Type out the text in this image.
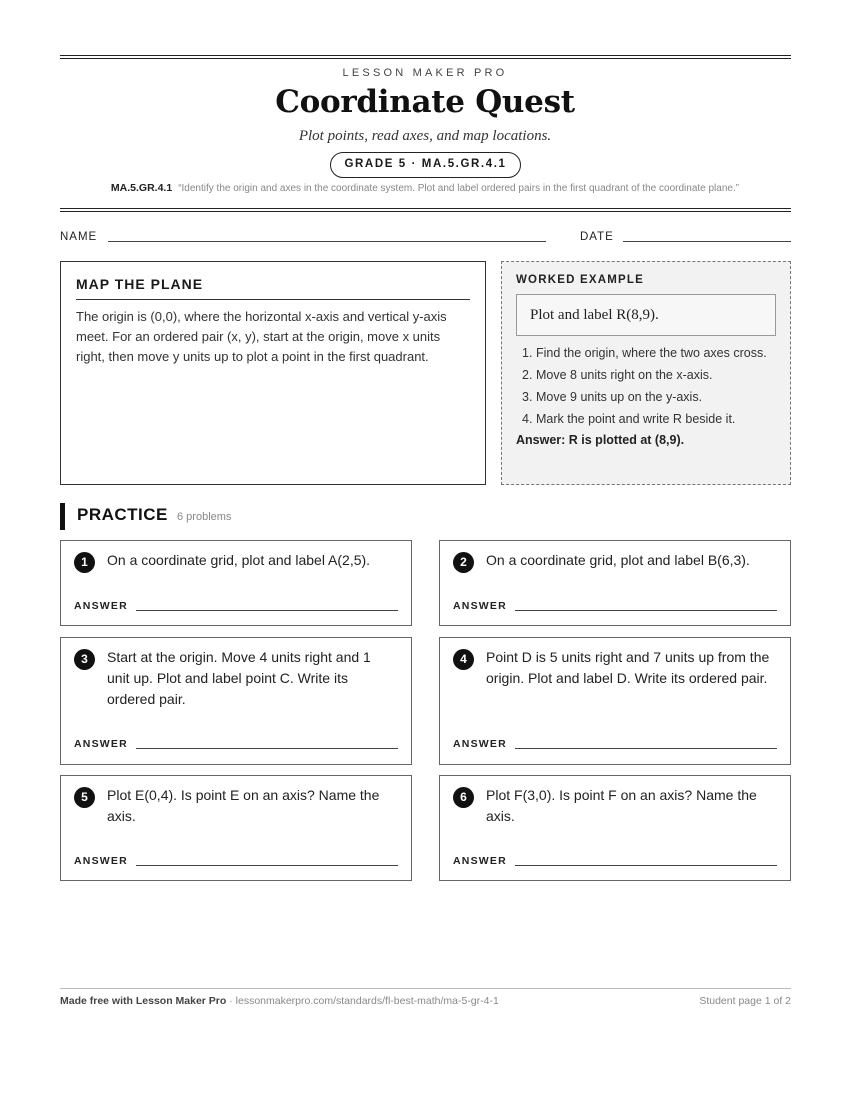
LESSON MAKER PRO
Coordinate Quest
Plot points, read axes, and map locations.
GRADE 5 · MA.5.GR.4.1
MA.5.GR.4.1 “Identify the origin and axes in the coordinate system. Plot and label ordered pairs in the first quadrant of the coordinate plane.”
NAME	DATE
MAP THE PLANE

The origin is (0,0), where the horizontal x-axis and vertical y-axis meet. For an ordered pair (x, y), start at the origin, move x units right, then move y units up to plot a point in the first quadrant.

WORKED EXAMPLE
Plot and label R(8,9).
1. Find the origin, where the two axes cross.
2. Move 8 units right on the x-axis.
3. Move 9 units up on the y-axis.
4. Mark the point and write R beside it.
Answer: R is plotted at (8,9).
PRACTICE 6 problems
1	On a coordinate grid, plot and label A(2,5).
ANSWER
2	On a coordinate grid, plot and label B(6,3).
ANSWER
3	Start at the origin. Move 4 units right and 1 unit up. Plot and label point C. Write its ordered pair.
ANSWER
4	Point D is 5 units right and 7 units up from the origin. Plot and label D. Write its ordered pair.
ANSWER
5	Plot E(0,4). Is point E on an axis? Name the axis.
ANSWER
6	Plot F(3,0). Is point F on an axis? Name the axis.
ANSWER
Made free with Lesson Maker Pro · lessonmakerpro.com/standards/fl-best-math/ma-5-gr-4-1	Student page 1 of 2
